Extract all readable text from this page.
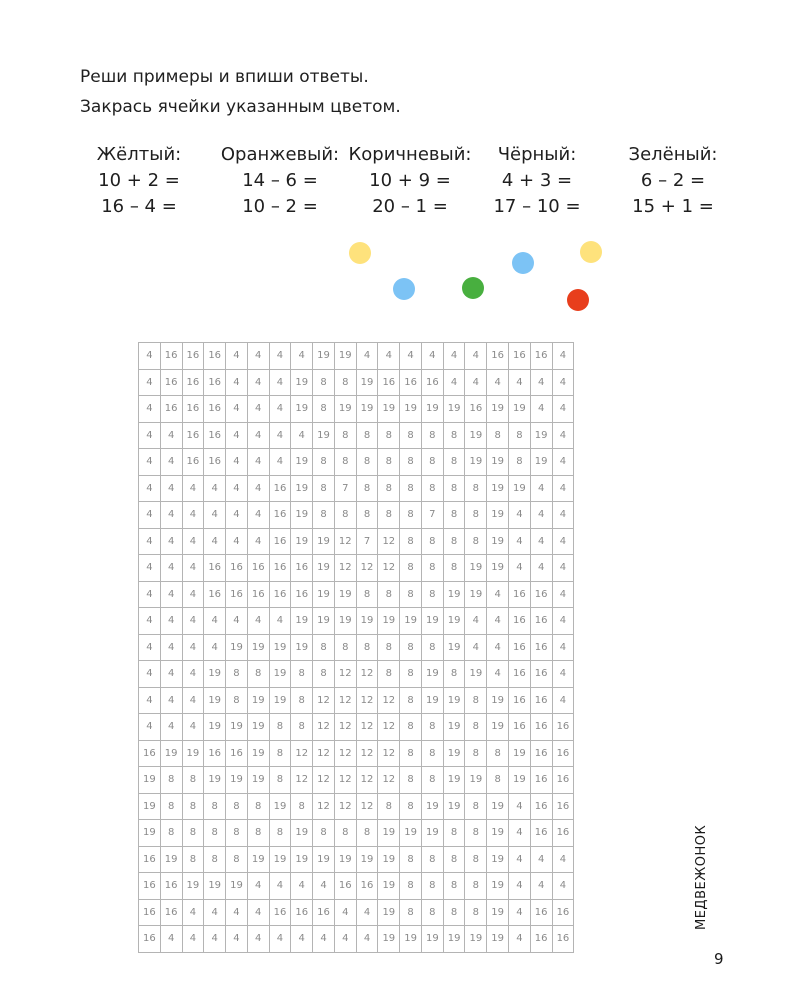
Реши примеры и впиши ответы.
Закрась ячейки указанным цветом.
Жёлтый:
10 + 2 =
16 – 4 =
Оранжевый:
14 – 6 =
10 – 2 =
Коричневый:
10 + 9 =
20 – 1 =
Чёрный:
4 + 3 =
17 – 10 =
Зелёный:
6 – 2 =
15 + 1 =
4	16	16	16	4	4	4	4	19	19	4	4	4	4	4	4	16	16	16	4
4	16	16	16	4	4	4	19	8	8	19	16	16	16	4	4	4	4	4	4
4	16	16	16	4	4	4	19	8	19	19	19	19	19	19	16	19	19	4	4
4	4	16	16	4	4	4	4	19	8	8	8	8	8	8	19	8	8	19	4
4	4	16	16	4	4	4	19	8	8	8	8	8	8	8	19	19	8	19	4
4	4	4	4	4	4	16	19	8	7	8	8	8	8	8	8	19	19	4	4
4	4	4	4	4	4	16	19	8	8	8	8	8	7	8	8	19	4	4	4
4	4	4	4	4	4	16	19	19	12	7	12	8	8	8	8	19	4	4	4
4	4	4	16	16	16	16	16	19	12	12	12	8	8	8	19	19	4	4	4
4	4	4	16	16	16	16	16	19	19	8	8	8	8	19	19	4	16	16	4
4	4	4	4	4	4	4	19	19	19	19	19	19	19	19	4	4	16	16	4
4	4	4	4	19	19	19	19	8	8	8	8	8	8	19	4	4	16	16	4
4	4	4	19	8	8	19	8	8	12	12	8	8	19	8	19	4	16	16	4
4	4	4	19	8	19	19	8	12	12	12	12	8	19	19	8	19	16	16	4
4	4	4	19	19	19	8	8	12	12	12	12	8	8	19	8	19	16	16	16
16	19	19	16	16	19	8	12	12	12	12	12	8	8	19	8	8	19	16	16
19	8	8	19	19	19	8	12	12	12	12	12	8	8	19	19	8	19	16	16
19	8	8	8	8	8	19	8	12	12	12	8	8	19	19	8	19	4	16	16
19	8	8	8	8	8	8	19	8	8	8	19	19	19	8	8	19	4	16	16
16	19	8	8	8	19	19	19	19	19	19	19	8	8	8	8	19	4	4	4
16	16	19	19	19	4	4	4	4	16	16	19	8	8	8	8	19	4	4	4
16	16	4	4	4	4	16	16	16	4	4	19	8	8	8	8	19	4	16	16
16	4	4	4	4	4	4	4	4	4	4	19	19	19	19	19	19	4	16	16
МЕДВЕЖОНОК
9
